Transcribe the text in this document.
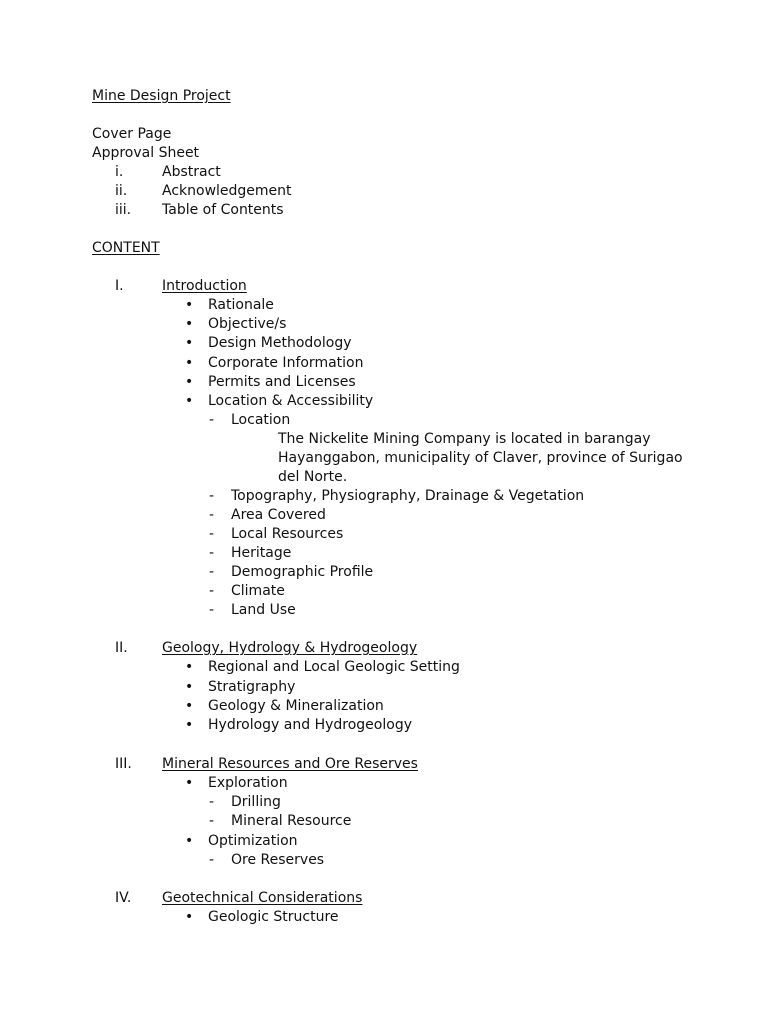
Mine Design Project
Cover Page
Approval Sheet
i.	Abstract
ii. Acknowledgement
iii. Table of Contents
CONTENT
I.	Introduction
• Rationale
• Objective/s
• Design Methodology
• Corporate Information
• Permits and Licenses
• Location & Accessibility
- Location
The Nickelite Mining Company is located in barangay
Hayanggabon, municipality of Claver, province of Surigao
del Norte.
- Topography, Physiography, Drainage & Vegetation
- Area Covered
- Local Resources
- Heritage
- Demographic Profile
- Climate
- Land Use
II. Geology, Hydrology & Hydrogeology
• Regional and Local Geologic Setting
• Stratigraphy
• Geology & Mineralization
• Hydrology and Hydrogeology
III. Mineral Resources and Ore Reserves
• Exploration
- Drilling
- Mineral Resource
• Optimization
- Ore Reserves
IV. Geotechnical Considerations
• Geologic Structure
